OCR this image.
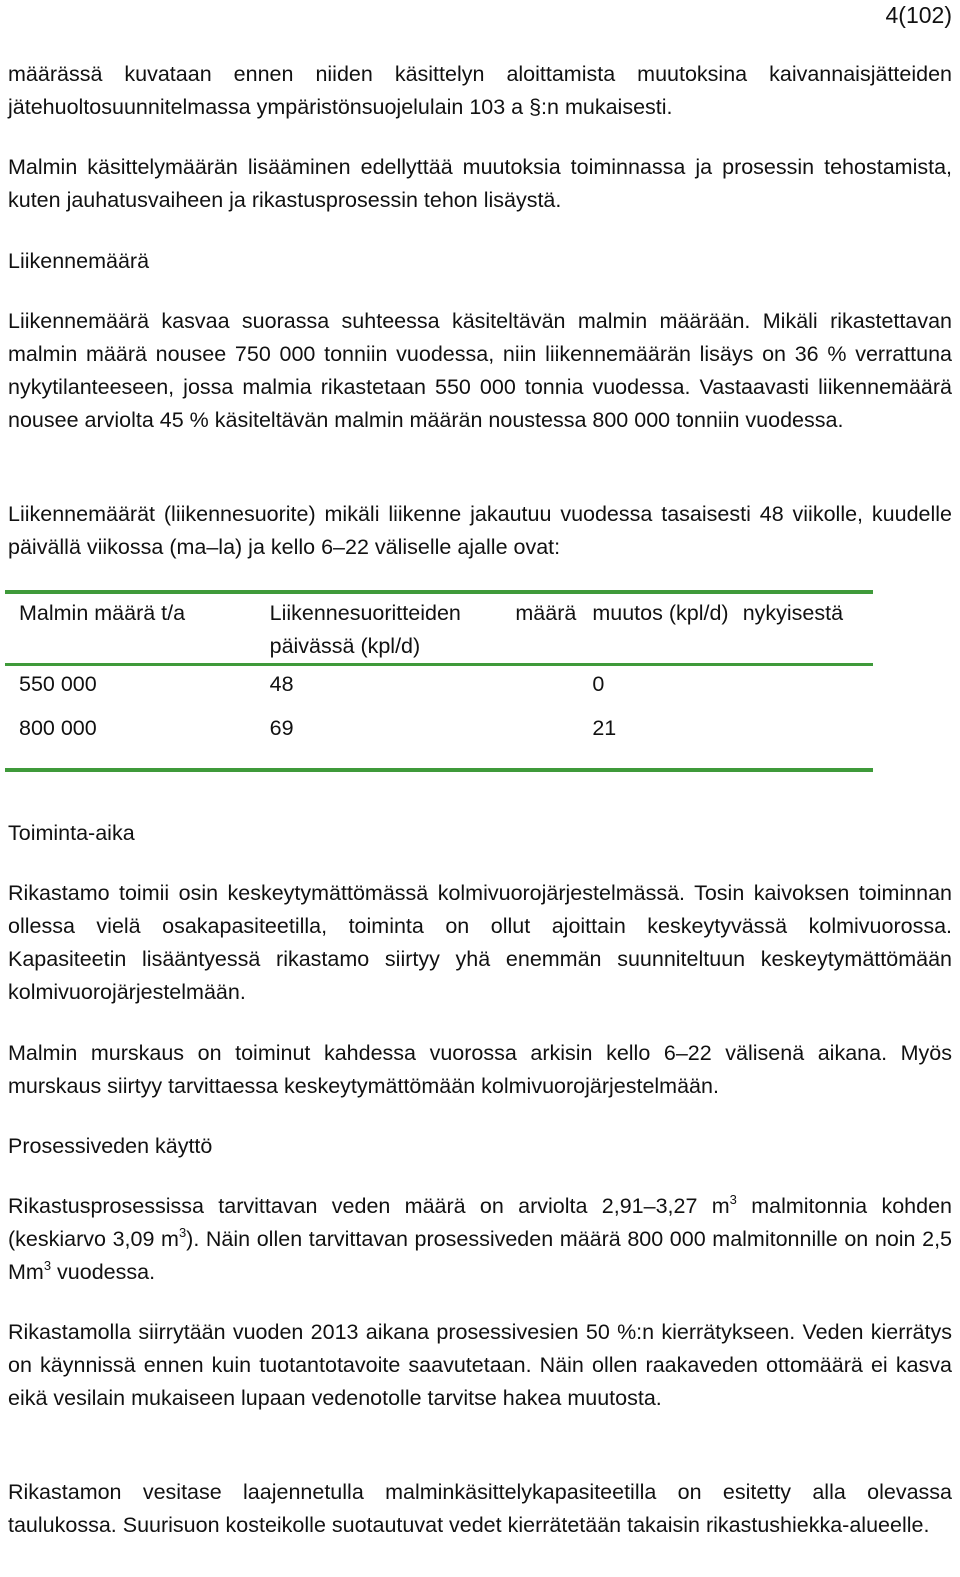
4(102)

määrässä kuvataan ennen niiden käsittelyn aloittamista muutoksina kaivannaisjätteiden jätehuoltosuunnitelmassa ympäristönsuojelulain 103 a §:n mukaisesti.

Malmin käsittelymäärän lisääminen edellyttää muutoksia toiminnassa ja prosessin tehostamista, kuten jauhatusvaiheen ja rikastusprosessin tehon lisäystä.

Liikennemäärä

Liikennemäärä kasvaa suorassa suhteessa käsiteltävän malmin määrään. Mikäli rikastettavan malmin määrä nousee 750 000 tonniin vuodessa, niin liikennemäärän lisäys on 36 % verrattuna nykytilanteeseen, jossa malmia rikastetaan 550 000 tonnia vuodessa. Vastaavasti liikennemäärä nousee arviolta 45 % käsiteltävän malmin määrän noustessa 800 000 tonniin vuodessa.

Liikennemäärät (liikennesuorite) mikäli liikenne jakautuu vuodessa tasaisesti 48 viikolle, kuudelle päivällä viikossa (ma–la) ja kello 6–22 väliselle ajalle ovat:

Malmin määrä t/a	Liikennesuoritteiden määrä päivässä (kpl/d)	muutos (kpl/d)	nykyisestä
550 000	48	0	
800 000	69	21	

Toiminta-aika

Rikastamo toimii osin keskeytymättömässä kolmivuorojärjestelmässä. Tosin kaivoksen toiminnan ollessa vielä osakapasiteetilla, toiminta on ollut ajoittain keskeytyvässä kolmivuorossa. Kapasiteetin lisääntyessä rikastamo siirtyy yhä enemmän suunniteltuun keskeytymättömään kolmivuorojärjestelmään.

Malmin murskaus on toiminut kahdessa vuorossa arkisin kello 6–22 välisenä aikana. Myös murskaus siirtyy tarvittaessa keskeytymättömään kolmivuorojärjestelmään.

Prosessiveden käyttö

Rikastusprosessissa tarvittavan veden määrä on arviolta 2,91–3,27 $m^3$ malmitonnia kohden (keskiarvo 3,09 $m^3$). Näin ollen tarvittavan prosessiveden määrä 800 000 malmitonnille on noin 2,5 Mm$^3$ vuodessa.

Rikastamolla siirrytään vuoden 2013 aikana prosessivesien 50 %:n kierrätykseen. Veden kierrätys on käynnissä ennen kuin tuotantotavoite saavutetaan. Näin ollen raakaveden ottomäärä ei kasva eikä vesilain mukaiseen lupaan vedenotolle tarvitse hakea muutosta.

Rikastamon vesitase laajennetulla malminkäsittelykapasiteetilla on esitetty alla olevassa taulukossa. Suurisuon kosteikolle suotautuvat vedet kierrätetään takaisin rikastushiekka-alueelle.
